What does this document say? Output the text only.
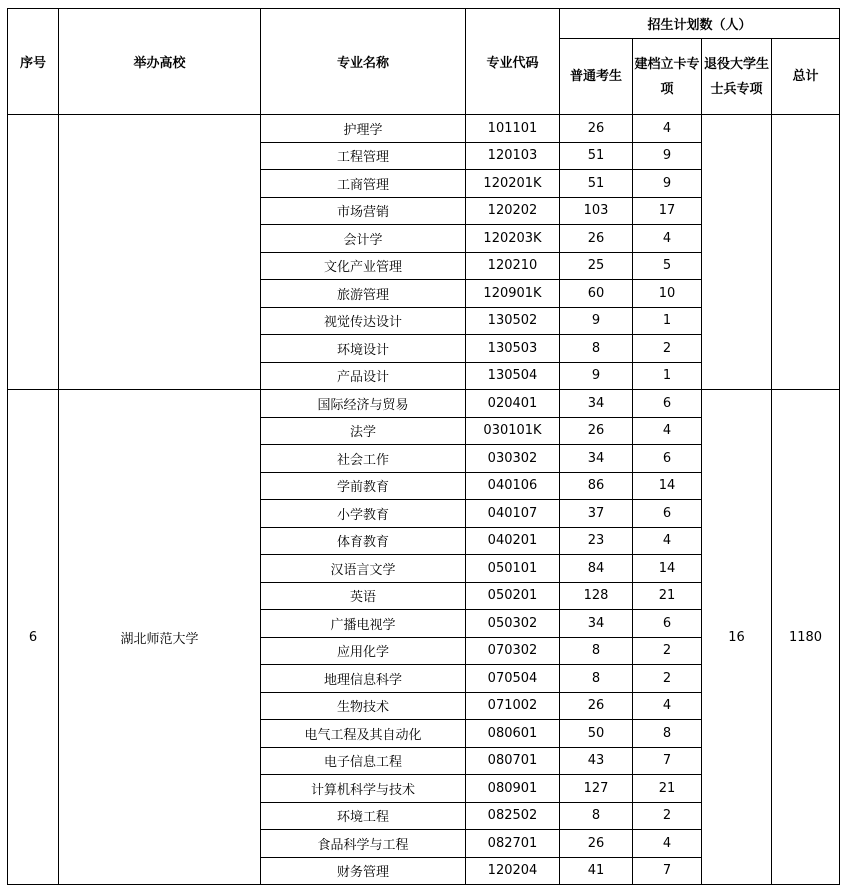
序号	举办高校	专业名称	专业代码	招生计划数（人）			
				普通考生	建档立卡专项	退役大学生士兵专项	总计
		护理学	101101	26	4		
		工程管理	120103	51	9		
		工商管理	120201K	51	9		
		市场营销	120202	103	17		
		会计学	120203K	26	4		
		文化产业管理	120210	25	5		
		旅游管理	120901K	60	10		
		视觉传达设计	130502	9	1		
		环境设计	130503	8	2		
		产品设计	130504	9	1		
6	湖北师范大学	国际经济与贸易	020401	34	6	16	1180
		法学	030101K	26	4		
		社会工作	030302	34	6		
		学前教育	040106	86	14		
		小学教育	040107	37	6		
		体育教育	040201	23	4		
		汉语言文学	050101	84	14		
		英语	050201	128	21		
		广播电视学	050302	34	6		
		应用化学	070302	8	2		
		地理信息科学	070504	8	2		
		生物技术	071002	26	4		
		电气工程及其自动化	080601	50	8		
		电子信息工程	080701	43	7		
		计算机科学与技术	080901	127	21		
		环境工程	082502	8	2		
		食品科学与工程	082701	26	4		
		财务管理	120204	41	7		
